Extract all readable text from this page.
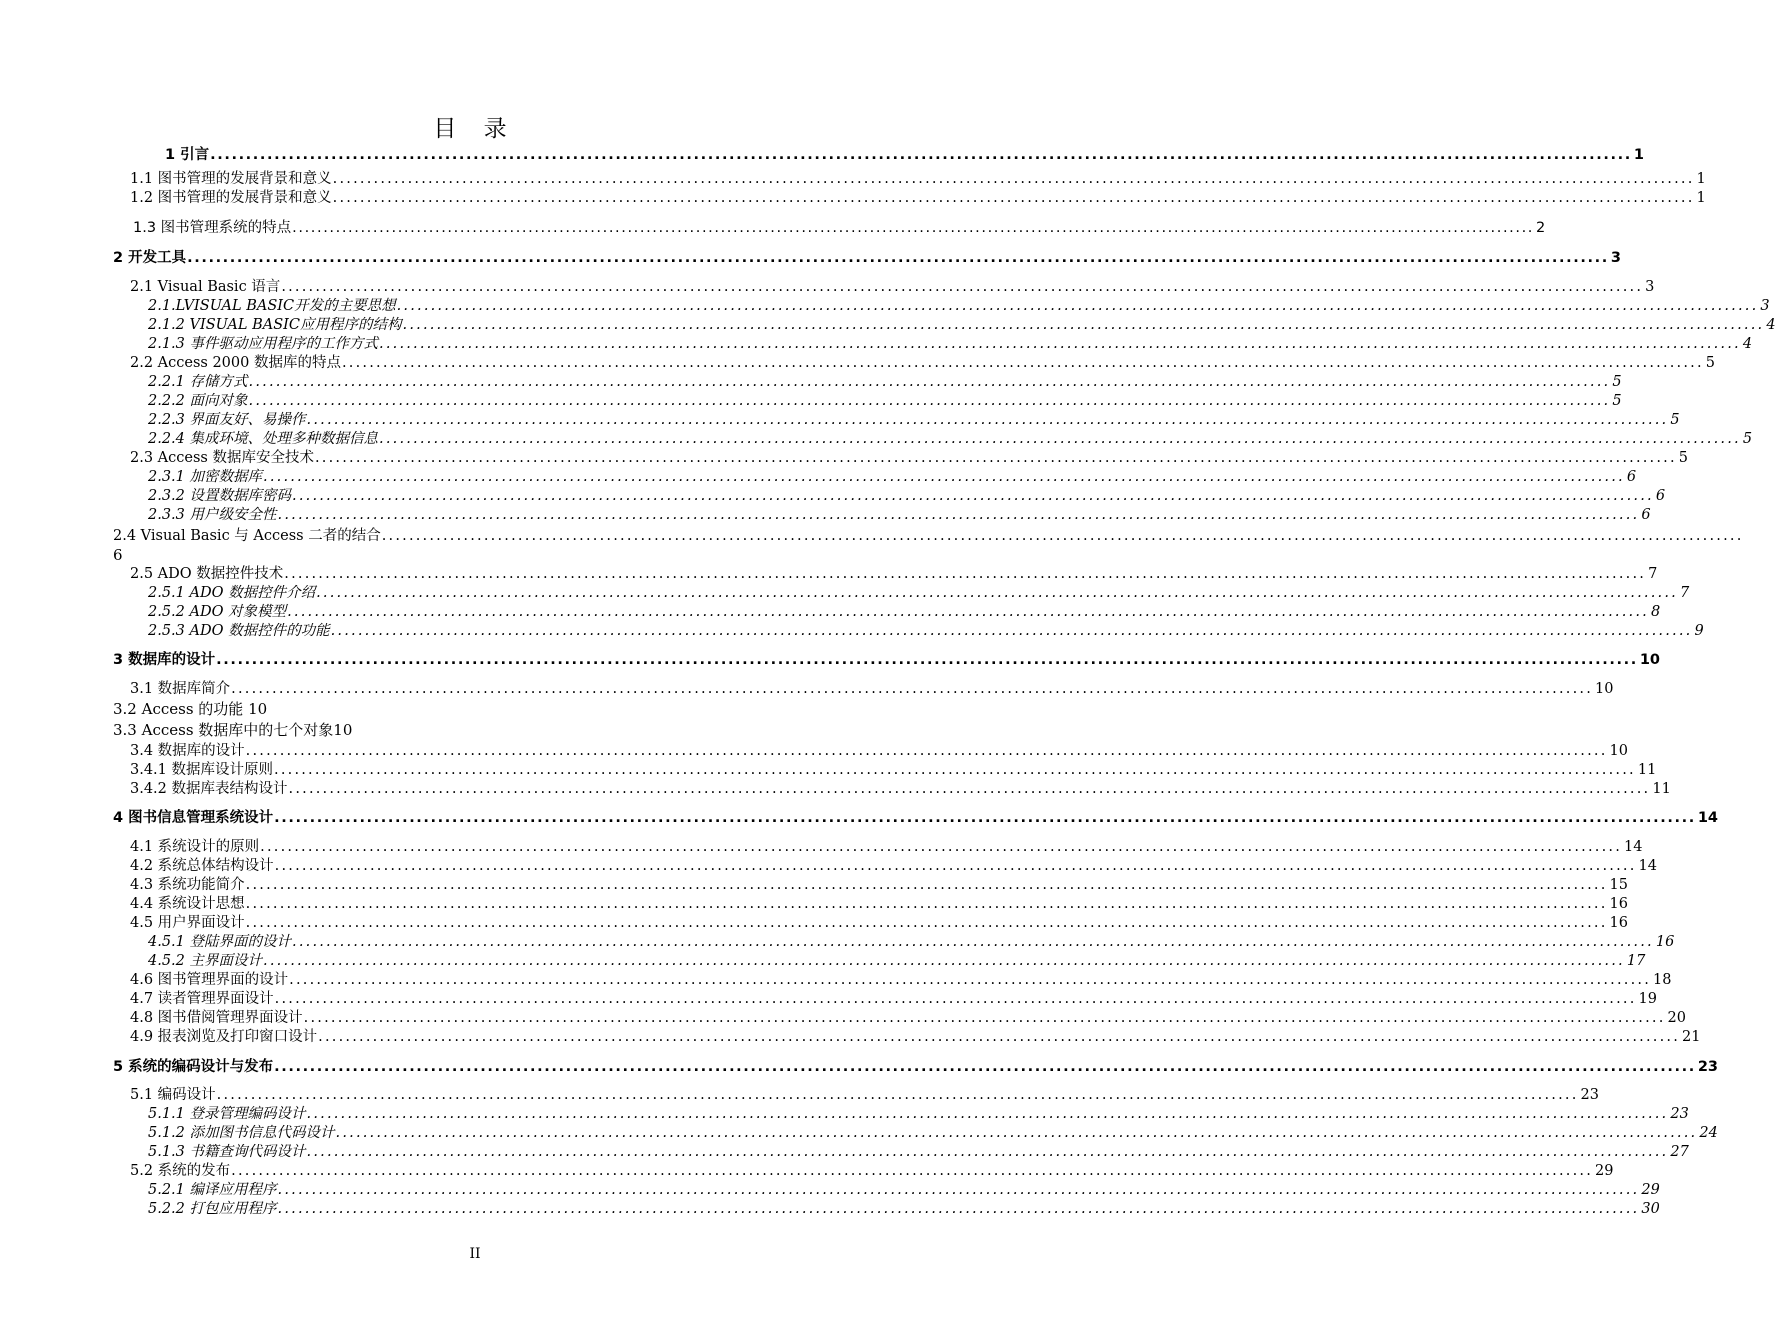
目 录
1 引言 ........................................................................................................................................................................................................ 1
1.1 图书管理的发展背景和意义 ........................................................................................................................................................................................................ 1
1.2 图书管理的发展背景和意义 ........................................................................................................................................................................................................ 1
1.3 图书管理系统的特点 ........................................................................................................................................................................................................ 2
2 开发工具 ........................................................................................................................................................................................................ 3
2.1 Visual Basic 语言 ........................................................................................................................................................................................................ 3
2.1.LVISUAL BASIC开发的主要思想 ........................................................................................................................................................................................................ 3
2.1.2 VISUAL BASIC应用程序的结构 ........................................................................................................................................................................................................ 4
2.1.3 事件驱动应用程序的工作方式 ........................................................................................................................................................................................................ 4
2.2 Access 2000 数据库的特点 ........................................................................................................................................................................................................ 5
2.2.1 存储方式 ........................................................................................................................................................................................................ 5
2.2.2 面向对象 ........................................................................................................................................................................................................ 5
2.2.3 界面友好、易操作 ........................................................................................................................................................................................................ 5
2.2.4 集成环境、处理多种数据信息 ........................................................................................................................................................................................................ 5
2.3 Access 数据库安全技术 ........................................................................................................................................................................................................ 5
2.3.1 加密数据库 ........................................................................................................................................................................................................ 6
2.3.2 设置数据库密码 ........................................................................................................................................................................................................ 6
2.3.3 用户级安全性 ........................................................................................................................................................................................................ 6
2.4 Visual Basic 与 Access 二者的结合 ........................................................................................................................................................................................................
6
2.5 ADO 数据控件技术 ........................................................................................................................................................................................................ 7
2.5.1 ADO 数据控件介绍 ........................................................................................................................................................................................................ 7
2.5.2 ADO 对象模型 ........................................................................................................................................................................................................ 8
2.5.3 ADO 数据控件的功能 ........................................................................................................................................................................................................ 9
3 数据库的设计 ........................................................................................................................................................................................................ 10
3.1 数据库简介 ........................................................................................................................................................................................................ 10
3.2 Access 的功能 10
3.3 Access 数据库中的七个对象10
3.4 数据库的设计 ........................................................................................................................................................................................................ 10
3.4.1 数据库设计原则 ........................................................................................................................................................................................................ 11
3.4.2 数据库表结构设计 ........................................................................................................................................................................................................ 11
4 图书信息管理系统设计 ........................................................................................................................................................................................................ 14
4.1 系统设计的原则 ........................................................................................................................................................................................................ 14
4.2 系统总体结构设计 ........................................................................................................................................................................................................ 14
4.3 系统功能简介 ........................................................................................................................................................................................................ 15
4.4 系统设计思想 ........................................................................................................................................................................................................ 16
4.5 用户界面设计 ........................................................................................................................................................................................................ 16
4.5.1 登陆界面的设计 ........................................................................................................................................................................................................ 16
4.5.2 主界面设计 ........................................................................................................................................................................................................ 17
4.6 图书管理界面的设计 ........................................................................................................................................................................................................ 18
4.7 读者管理界面设计 ........................................................................................................................................................................................................ 19
4.8 图书借阅管理界面设计 ........................................................................................................................................................................................................ 20
4.9 报表浏览及打印窗口设计 ........................................................................................................................................................................................................ 21
5 系统的编码设计与发布 ........................................................................................................................................................................................................ 23
5.1 编码设计 ........................................................................................................................................................................................................ 23
5.1.1 登录管理编码设计 ........................................................................................................................................................................................................ 23
5.1.2 添加图书信息代码设计 ........................................................................................................................................................................................................ 24
5.1.3 书籍查询代码设计 ........................................................................................................................................................................................................ 27
5.2 系统的发布 ........................................................................................................................................................................................................ 29
5.2.1 编译应用程序 ........................................................................................................................................................................................................ 29
5.2.2 打包应用程序 ........................................................................................................................................................................................................ 30
II
